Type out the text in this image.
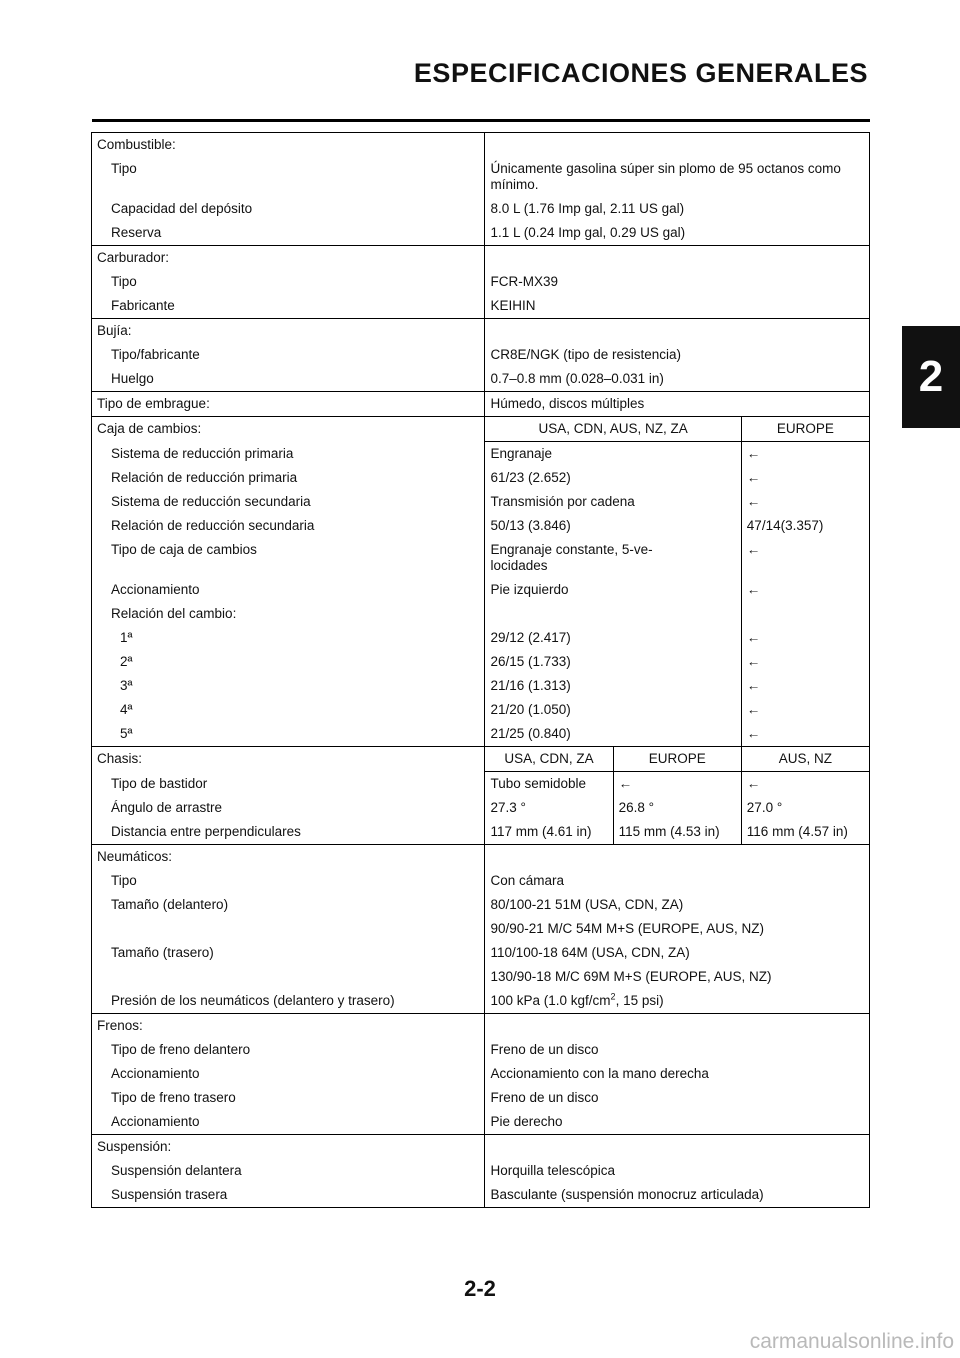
ESPECIFICACIONES GENERALES
2
Combustible:			

Tipo	Únicamente gasolina súper sin plomo de 95 octanos como mínimo.		

Capacidad del depósito	8.0 L (1.76 Imp gal, 2.11 US gal)		

Reserva	1.1 L (0.24 Imp gal, 0.29 US gal)		

Carburador:			

Tipo	FCR-MX39		

Fabricante	KEIHIN		

Bujía:			

Tipo/fabricante	CR8E/NGK (tipo de resistencia)		

Huelgo	0.7–0.8 mm (0.028–0.031 in)		

Tipo de embrague:	Húmedo, discos múltiples		

Caja de cambios:	USA, CDN, AUS, NZ, ZA		EUROPE

Sistema de reducción primaria	Engranaje		←

Relación de reducción primaria	61/23 (2.652)		←

Sistema de reducción secundaria	Transmisión por cadena		←

Relación de reducción secundaria	50/13 (3.846)		47/14(3.357)

Tipo de caja de cambios	Engranaje constante, 5-ve-locidades		←

Accionamiento	Pie izquierdo		←

Relación del cambio:			

1ª	29/12 (2.417)		←

2ª	26/15 (1.733)		←

3ª	21/16 (1.313)		←

4ª	21/20 (1.050)		←

5ª	21/25 (0.840)		←

Chasis:	USA, CDN, ZA	EUROPE	AUS, NZ

Tipo de bastidor	Tubo semidoble	←	←

Ángulo de arrastre	27.3 °	26.8 °	27.0 °

Distancia entre perpendiculares	117 mm (4.61 in)	115 mm (4.53 in)	116 mm (4.57 in)

Neumáticos:			

Tipo	Con cámara		

Tamaño (delantero)	80/100-21 51M (USA, CDN, ZA)		

	90/90-21 M/C 54M M+S (EUROPE, AUS, NZ)		

Tamaño (trasero)	110/100-18 64M (USA, CDN, ZA)		

	130/90-18 M/C 69M M+S (EUROPE, AUS, NZ)		

Presión de los neumáticos (delantero y trasero)	100 kPa (1.0 kgf/$cm^2$, 15 psi)		

Frenos:			

Tipo de freno delantero	Freno de un disco		

Accionamiento	Accionamiento con la mano derecha		

Tipo de freno trasero	Freno de un disco		

Accionamiento	Pie derecho		

Suspensión:			

Suspensión delantera	Horquilla telescópica		

Suspensión trasera	Basculante (suspensión monocruz articulada)		
2-2
carmanualsonline.info
